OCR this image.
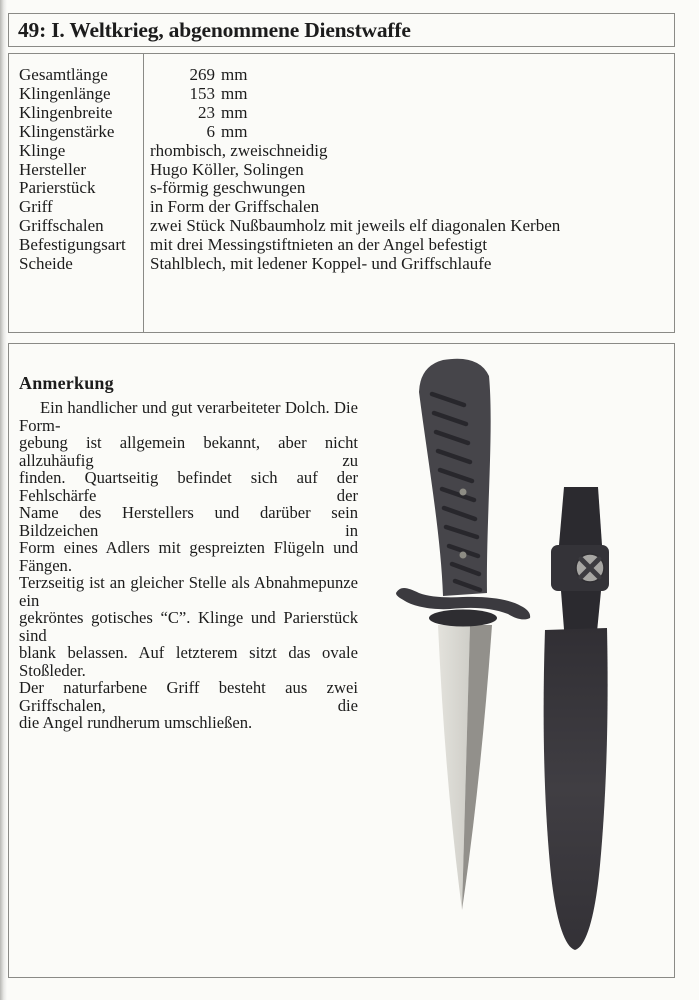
49: I. Weltkrieg, abgenommene Dienstwaffe
Gesamtlänge	269 mm
Klingenlänge	153 mm
Klingenbreite	23 mm
Klingenstärke	6 mm
Klinge	rhombisch, zweischneidig
Hersteller	Hugo Köller, Solingen
Parierstück	s-förmig geschwungen
Griff	in Form der Griffschalen
Griffschalen	zwei Stück Nußbaumholz mit jeweils elf diagonalen Kerben
Befestigungsart	mit drei Messingstiftnieten an der Angel befestigt
Scheide	Stahlblech, mit ledener Koppel- und Griffschlaufe
Anmerkung
Ein handlicher und gut verarbeiteter Dolch. Die Form-
gebung ist allgemein bekannt, aber nicht allzuhäufig zu
finden. Quartseitig befindet sich auf der Fehlschärfe der
Name des Herstellers und darüber sein Bildzeichen in
Form eines Adlers mit gespreizten Flügeln und Fängen.
Terzseitig ist an gleicher Stelle als Abnahmepunze ein
gekröntes gotisches “C”. Klinge und Parierstück sind
blank belassen. Auf letzterem sitzt das ovale Stoßleder.
Der naturfarbene Griff besteht aus zwei Griffschalen, die
die Angel rundherum umschließen.
